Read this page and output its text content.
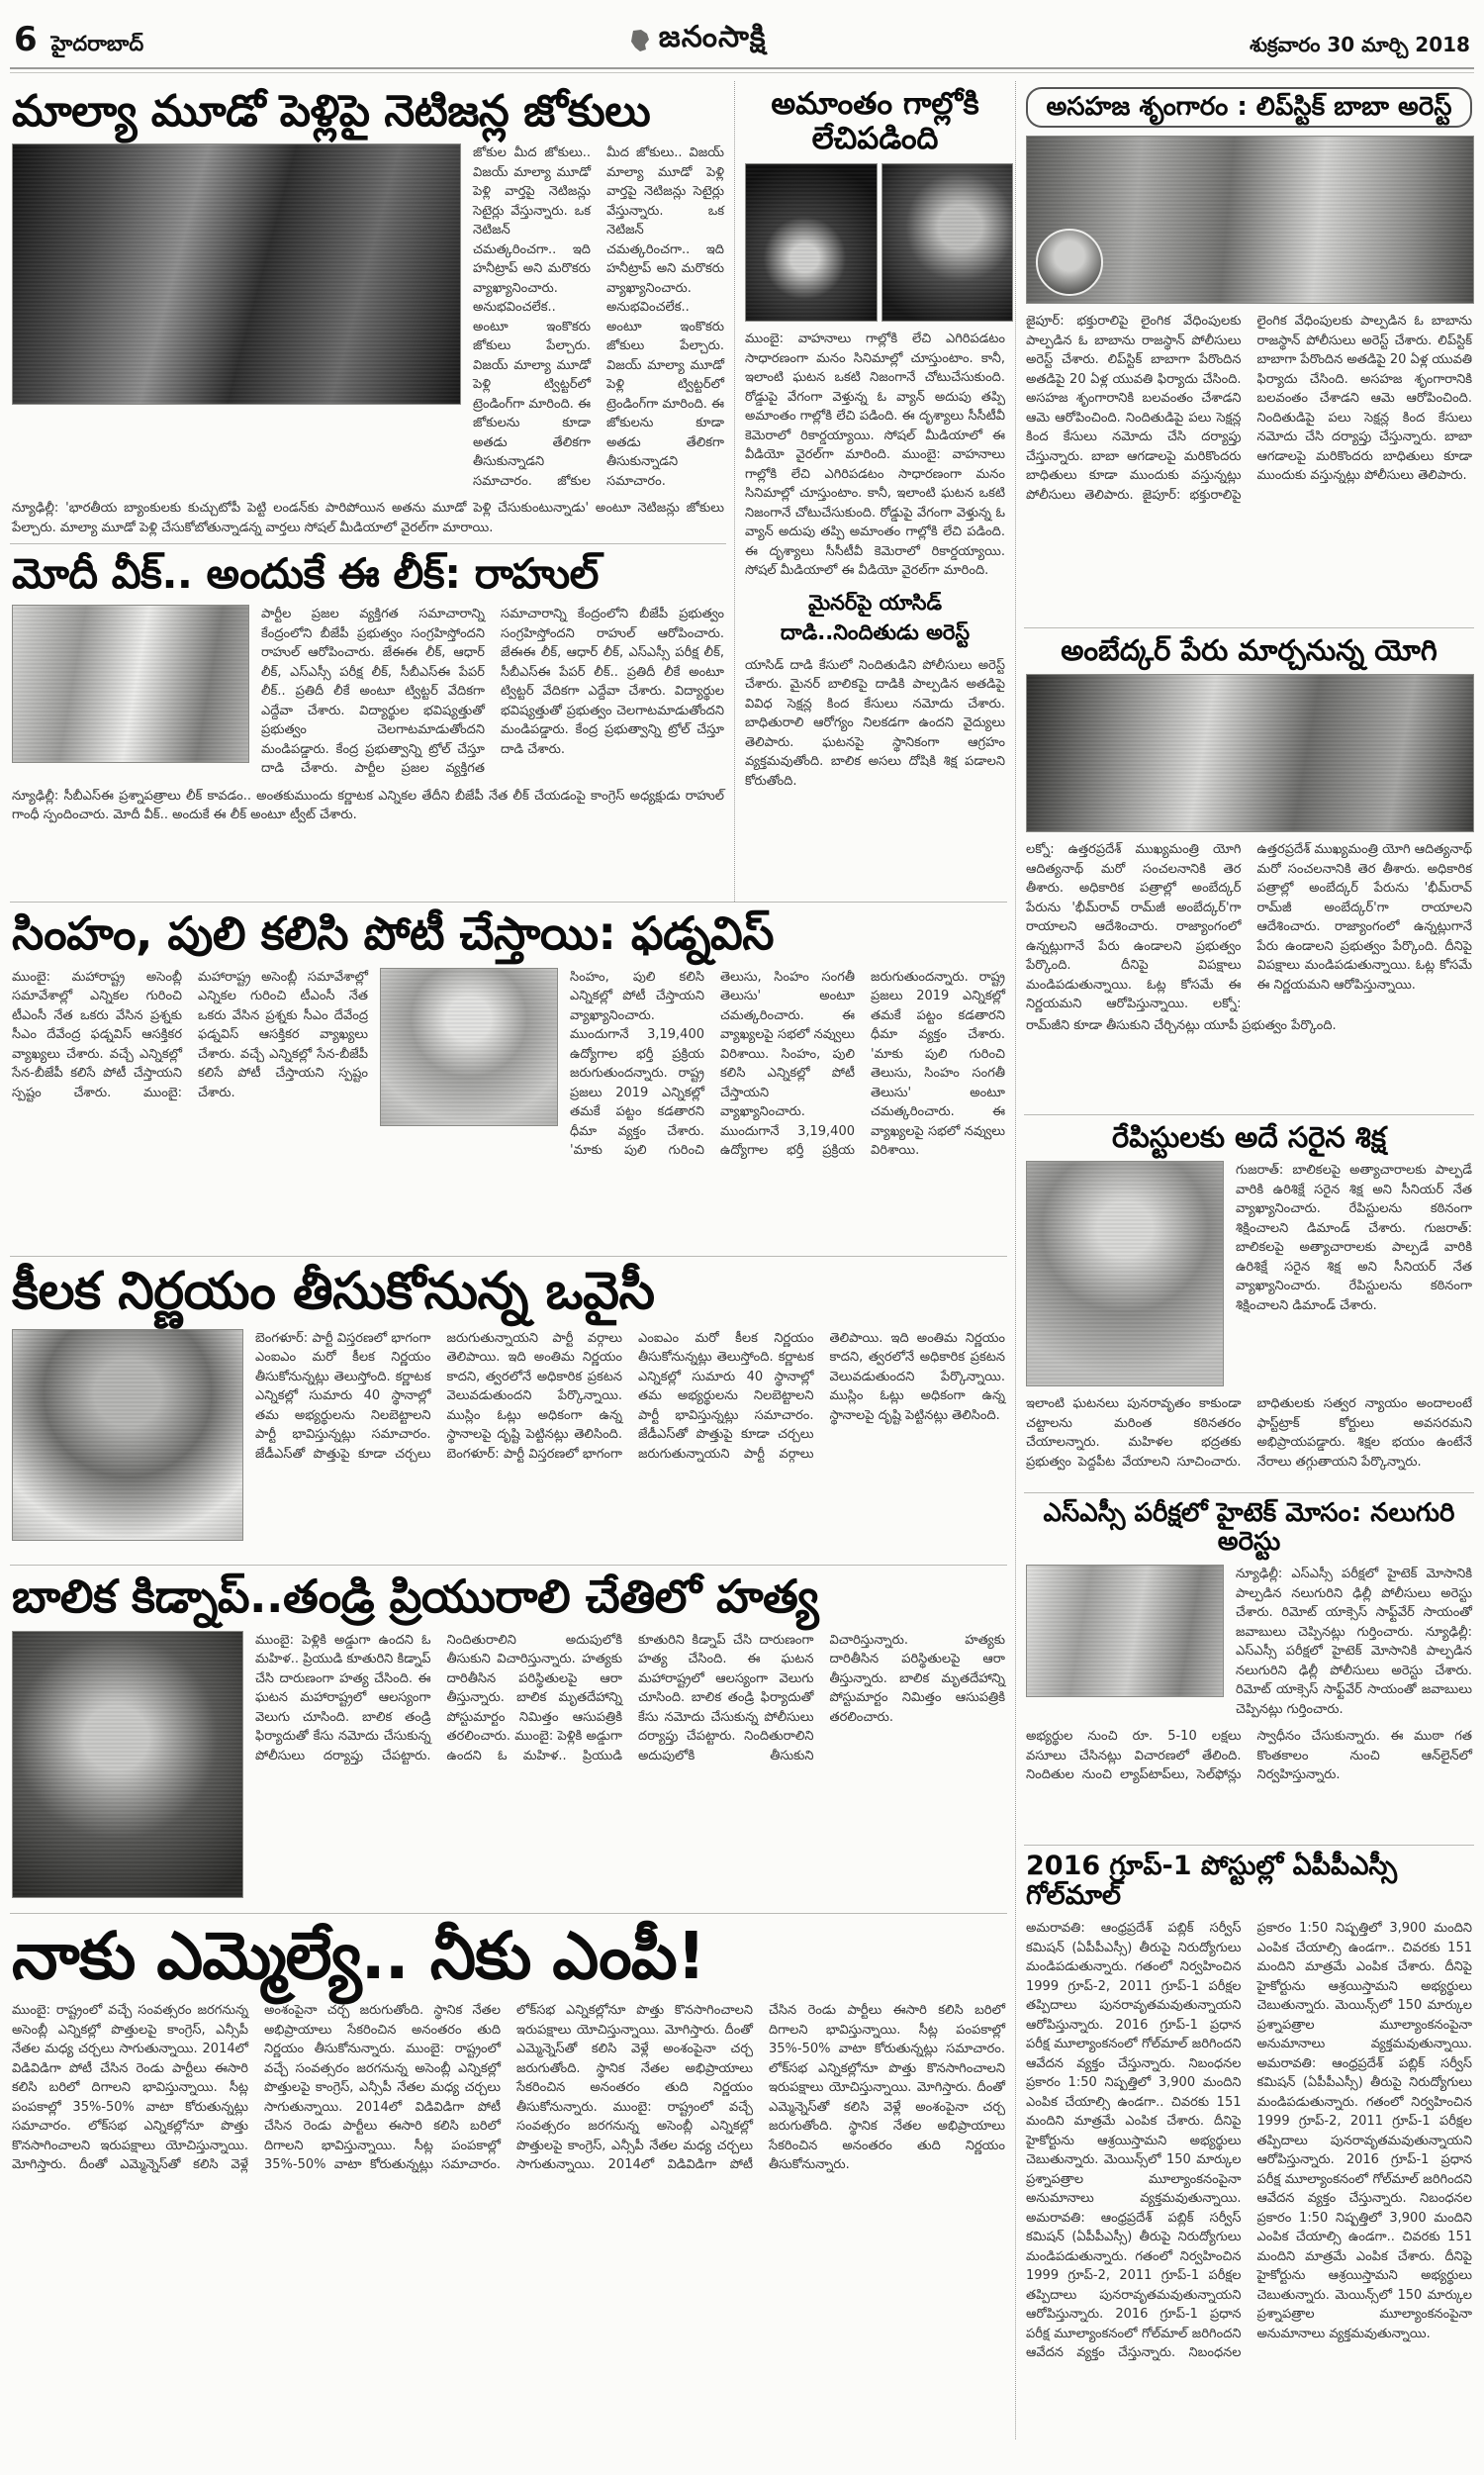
6 హైదరాబాద్	జనంసాక్షి	శుక్రవారం 30 మార్చి 2018
మాల్యా మూడో పెళ్లిపై నెటిజన్ల జోకులు
జోకుల మీద జోకులు.. విజయ్ మాల్యా మూడో పెళ్లి వార్తపై నెటిజన్లు సెటైర్లు వేస్తున్నారు. ఒక నెటిజన్ చమత్కరించగా.. ఇది హనీట్రాప్ అని మరొకరు వ్యాఖ్యానించారు. అనుభవించలేక.. అంటూ ఇంకొకరు జోకులు పేల్చారు. విజయ్ మాల్యా మూడో పెళ్లి ట్విట్టర్‌లో ట్రెండింగ్‌గా మారింది. ఈ జోకులను కూడా అతడు తేలికగా తీసుకున్నాడని సమాచారం. జోకుల మీద జోకులు.. విజయ్ మాల్యా మూడో పెళ్లి వార్తపై నెటిజన్లు సెటైర్లు వేస్తున్నారు. ఒక నెటిజన్ చమత్కరించగా.. ఇది హనీట్రాప్ అని మరొకరు వ్యాఖ్యానించారు. అనుభవించలేక.. అంటూ ఇంకొకరు జోకులు పేల్చారు. విజయ్ మాల్యా మూడో పెళ్లి ట్విట్టర్‌లో ట్రెండింగ్‌గా మారింది. ఈ జోకులను కూడా అతడు తేలికగా తీసుకున్నాడని సమాచారం.
న్యూఢిల్లీ: 'భారతీయ బ్యాంకులకు కుచ్చుటోపీ పెట్టి లండన్‌కు పారిపోయిన అతను మూడో పెళ్లి చేసుకుంటున్నాడు' అంటూ నెటిజన్లు జోకులు పేల్చారు. మాల్యా మూడో పెళ్లి చేసుకోబోతున్నాడన్న వార్తలు సోషల్ మీడియాలో వైరల్‌గా మారాయి.
మోదీ వీక్.. అందుకే ఈ లీక్: రాహుల్
పార్టీల ప్రజల వ్యక్తిగత సమాచారాన్ని కేంద్రంలోని బీజేపీ ప్రభుత్వం సంగ్రహిస్తోందని రాహుల్ ఆరోపించారు. జేఈఈ లీక్, ఆధార్ లీక్, ఎస్ఎస్సీ పరీక్ష లీక్, సీబీఎస్ఈ పేపర్ లీక్.. ప్రతిదీ లీకే అంటూ ట్విట్టర్ వేదికగా ఎద్దేవా చేశారు. విద్యార్థుల భవిష్యత్తుతో ప్రభుత్వం చెలగాటమాడుతోందని మండిపడ్డారు. కేంద్ర ప్రభుత్వాన్ని ట్రోల్ చేస్తూ దాడి చేశారు. పార్టీల ప్రజల వ్యక్తిగత సమాచారాన్ని కేంద్రంలోని బీజేపీ ప్రభుత్వం సంగ్రహిస్తోందని రాహుల్ ఆరోపించారు. జేఈఈ లీక్, ఆధార్ లీక్, ఎస్ఎస్సీ పరీక్ష లీక్, సీబీఎస్ఈ పేపర్ లీక్.. ప్రతిదీ లీకే అంటూ ట్విట్టర్ వేదికగా ఎద్దేవా చేశారు. విద్యార్థుల భవిష్యత్తుతో ప్రభుత్వం చెలగాటమాడుతోందని మండిపడ్డారు. కేంద్ర ప్రభుత్వాన్ని ట్రోల్ చేస్తూ దాడి చేశారు.
న్యూఢిల్లీ: సీబీఎస్ఈ ప్రశ్నాపత్రాలు లీక్ కావడం.. అంతకుముందు కర్ణాటక ఎన్నికల తేదీని బీజేపీ నేత లీక్ చేయడంపై కాంగ్రెస్ అధ్యక్షుడు రాహుల్ గాంధీ స్పందించారు. మోదీ వీక్.. అందుకే ఈ లీక్ అంటూ ట్వీట్ చేశారు.
అమాంతం గాల్లోకి లేచిపడింది
ముంబై: వాహనాలు గాల్లోకి లేచి ఎగిరిపడటం సాధారణంగా మనం సినిమాల్లో చూస్తుంటాం. కానీ, ఇలాంటి ఘటన ఒకటి నిజంగానే చోటుచేసుకుంది. రోడ్డుపై వేగంగా వెళ్తున్న ఓ వ్యాన్ అదుపు తప్పి అమాంతం గాల్లోకి లేచి పడింది. ఈ దృశ్యాలు సీసీటీవీ కెమెరాలో రికార్డయ్యాయి. సోషల్ మీడియాలో ఈ వీడియో వైరల్‌గా మారింది. ముంబై: వాహనాలు గాల్లోకి లేచి ఎగిరిపడటం సాధారణంగా మనం సినిమాల్లో చూస్తుంటాం. కానీ, ఇలాంటి ఘటన ఒకటి నిజంగానే చోటుచేసుకుంది. రోడ్డుపై వేగంగా వెళ్తున్న ఓ వ్యాన్ అదుపు తప్పి అమాంతం గాల్లోకి లేచి పడింది. ఈ దృశ్యాలు సీసీటీవీ కెమెరాలో రికార్డయ్యాయి. సోషల్ మీడియాలో ఈ వీడియో వైరల్‌గా మారింది.
మైనర్‌పై యాసిడ్ దాడి..నిందితుడు అరెస్ట్
యాసిడ్ దాడి కేసులో నిందితుడిని పోలీసులు అరెస్ట్ చేశారు. మైనర్ బాలికపై దాడికి పాల్పడిన అతడిపై వివిధ సెక్షన్ల కింద కేసులు నమోదు చేశారు. బాధితురాలి ఆరోగ్యం నిలకడగా ఉందని వైద్యులు తెలిపారు. ఘటనపై స్థానికంగా ఆగ్రహం వ్యక్తమవుతోంది. బాలిక అసలు దోషికి శిక్ష పడాలని కోరుతోంది.
సింహం, పులి కలిసి పోటీ చేస్తాయి: ఫడ్నవిస్
ముంబై: మహారాష్ట్ర అసెంబ్లీ సమావేశాల్లో ఎన్నికల గురించి టీఎంసీ నేత ఒకరు వేసిన ప్రశ్నకు సీఎం దేవేంద్ర ఫడ్నవిస్ ఆసక్తికర వ్యాఖ్యలు చేశారు. వచ్చే ఎన్నికల్లో సేన-బీజేపీ కలిసే పోటీ చేస్తాయని స్పష్టం చేశారు. ముంబై: మహారాష్ట్ర అసెంబ్లీ సమావేశాల్లో ఎన్నికల గురించి టీఎంసీ నేత ఒకరు వేసిన ప్రశ్నకు సీఎం దేవేంద్ర ఫడ్నవిస్ ఆసక్తికర వ్యాఖ్యలు చేశారు. వచ్చే ఎన్నికల్లో సేన-బీజేపీ కలిసే పోటీ చేస్తాయని స్పష్టం చేశారు.
సింహం, పులి కలిసి ఎన్నికల్లో పోటీ చేస్తాయని వ్యాఖ్యానించారు. ముందుగానే 3,19,400 ఉద్యోగాల భర్తీ ప్రక్రియ జరుగుతుందన్నారు. రాష్ట్ర ప్రజలు 2019 ఎన్నికల్లో తమకే పట్టం కడతారని ధీమా వ్యక్తం చేశారు. 'మాకు పులి గురించి తెలుసు, సింహం సంగతీ తెలుసు' అంటూ చమత్కరించారు. ఈ వ్యాఖ్యలపై సభలో నవ్వులు విరిశాయి. సింహం, పులి కలిసి ఎన్నికల్లో పోటీ చేస్తాయని వ్యాఖ్యానించారు. ముందుగానే 3,19,400 ఉద్యోగాల భర్తీ ప్రక్రియ జరుగుతుందన్నారు. రాష్ట్ర ప్రజలు 2019 ఎన్నికల్లో తమకే పట్టం కడతారని ధీమా వ్యక్తం చేశారు. 'మాకు పులి గురించి తెలుసు, సింహం సంగతీ తెలుసు' అంటూ చమత్కరించారు. ఈ వ్యాఖ్యలపై సభలో నవ్వులు విరిశాయి.
కీలక నిర్ణయం తీసుకోనున్న ఒవైసీ
బెంగళూర్: పార్టీ విస్తరణలో భాగంగా ఎంఐఎం మరో కీలక నిర్ణయం తీసుకోనున్నట్లు తెలుస్తోంది. కర్ణాటక ఎన్నికల్లో సుమారు 40 స్థానాల్లో తమ అభ్యర్థులను నిలబెట్టాలని పార్టీ భావిస్తున్నట్లు సమాచారం. జేడీఎస్‌తో పొత్తుపై కూడా చర్చలు జరుగుతున్నాయని పార్టీ వర్గాలు తెలిపాయి. ఇది అంతిమ నిర్ణయం కాదని, త్వరలోనే అధికారిక ప్రకటన వెలువడుతుందని పేర్కొన్నాయి. ముస్లిం ఓట్లు అధికంగా ఉన్న స్థానాలపై దృష్టి పెట్టినట్లు తెలిసింది. బెంగళూర్: పార్టీ విస్తరణలో భాగంగా ఎంఐఎం మరో కీలక నిర్ణయం తీసుకోనున్నట్లు తెలుస్తోంది. కర్ణాటక ఎన్నికల్లో సుమారు 40 స్థానాల్లో తమ అభ్యర్థులను నిలబెట్టాలని పార్టీ భావిస్తున్నట్లు సమాచారం. జేడీఎస్‌తో పొత్తుపై కూడా చర్చలు జరుగుతున్నాయని పార్టీ వర్గాలు తెలిపాయి. ఇది అంతిమ నిర్ణయం కాదని, త్వరలోనే అధికారిక ప్రకటన వెలువడుతుందని పేర్కొన్నాయి. ముస్లిం ఓట్లు అధికంగా ఉన్న స్థానాలపై దృష్టి పెట్టినట్లు తెలిసింది.
బాలిక కిడ్నాప్..తండ్రి ప్రియురాలి చేతిలో హత్య
ముంబై: పెళ్లికి అడ్డుగా ఉందని ఓ మహిళ.. ప్రియుడి కూతురిని కిడ్నాప్ చేసి దారుణంగా హత్య చేసింది. ఈ ఘటన మహారాష్ట్రలో ఆలస్యంగా వెలుగు చూసింది. బాలిక తండ్రి ఫిర్యాదుతో కేసు నమోదు చేసుకున్న పోలీసులు దర్యాప్తు చేపట్టారు. నిందితురాలిని అదుపులోకి తీసుకుని విచారిస్తున్నారు. హత్యకు దారితీసిన పరిస్థితులపై ఆరా తీస్తున్నారు. బాలిక మృతదేహాన్ని పోస్టుమార్టం నిమిత్తం ఆసుపత్రికి తరలించారు. ముంబై: పెళ్లికి అడ్డుగా ఉందని ఓ మహిళ.. ప్రియుడి కూతురిని కిడ్నాప్ చేసి దారుణంగా హత్య చేసింది. ఈ ఘటన మహారాష్ట్రలో ఆలస్యంగా వెలుగు చూసింది. బాలిక తండ్రి ఫిర్యాదుతో కేసు నమోదు చేసుకున్న పోలీసులు దర్యాప్తు చేపట్టారు. నిందితురాలిని అదుపులోకి తీసుకుని విచారిస్తున్నారు. హత్యకు దారితీసిన పరిస్థితులపై ఆరా తీస్తున్నారు. బాలిక మృతదేహాన్ని పోస్టుమార్టం నిమిత్తం ఆసుపత్రికి తరలించారు.
నాకు ఎమ్మెల్యే.. నీకు ఎంపీ!
ముంబై: రాష్ట్రంలో వచ్చే సంవత్సరం జరగనున్న అసెంబ్లీ ఎన్నికల్లో పొత్తులపై కాంగ్రెస్, ఎన్సీపీ నేతల మధ్య చర్చలు సాగుతున్నాయి. 2014లో విడివిడిగా పోటీ చేసిన రెండు పార్టీలు ఈసారి కలిసి బరిలో దిగాలని భావిస్తున్నాయి. సీట్ల పంపకాల్లో 35%-50% వాటా కోరుతున్నట్లు సమాచారం. లోక్‌సభ ఎన్నికల్లోనూ పొత్తు కొనసాగించాలని ఇరుపక్షాలు యోచిస్తున్నాయి. మోగిస్తారు. దీంతో ఎమ్మెన్నెస్‌తో కలిసి వెళ్లే అంశంపైనా చర్చ జరుగుతోంది. స్థానిక నేతల అభిప్రాయాలు సేకరించిన అనంతరం తుది నిర్ణయం తీసుకోనున్నారు. ముంబై: రాష్ట్రంలో వచ్చే సంవత్సరం జరగనున్న అసెంబ్లీ ఎన్నికల్లో పొత్తులపై కాంగ్రెస్, ఎన్సీపీ నేతల మధ్య చర్చలు సాగుతున్నాయి. 2014లో విడివిడిగా పోటీ చేసిన రెండు పార్టీలు ఈసారి కలిసి బరిలో దిగాలని భావిస్తున్నాయి. సీట్ల పంపకాల్లో 35%-50% వాటా కోరుతున్నట్లు సమాచారం. లోక్‌సభ ఎన్నికల్లోనూ పొత్తు కొనసాగించాలని ఇరుపక్షాలు యోచిస్తున్నాయి. మోగిస్తారు. దీంతో ఎమ్మెన్నెస్‌తో కలిసి వెళ్లే అంశంపైనా చర్చ జరుగుతోంది. స్థానిక నేతల అభిప్రాయాలు సేకరించిన అనంతరం తుది నిర్ణయం తీసుకోనున్నారు. ముంబై: రాష్ట్రంలో వచ్చే సంవత్సరం జరగనున్న అసెంబ్లీ ఎన్నికల్లో పొత్తులపై కాంగ్రెస్, ఎన్సీపీ నేతల మధ్య చర్చలు సాగుతున్నాయి. 2014లో విడివిడిగా పోటీ చేసిన రెండు పార్టీలు ఈసారి కలిసి బరిలో దిగాలని భావిస్తున్నాయి. సీట్ల పంపకాల్లో 35%-50% వాటా కోరుతున్నట్లు సమాచారం. లోక్‌సభ ఎన్నికల్లోనూ పొత్తు కొనసాగించాలని ఇరుపక్షాలు యోచిస్తున్నాయి. మోగిస్తారు. దీంతో ఎమ్మెన్నెస్‌తో కలిసి వెళ్లే అంశంపైనా చర్చ జరుగుతోంది. స్థానిక నేతల అభిప్రాయాలు సేకరించిన అనంతరం తుది నిర్ణయం తీసుకోనున్నారు.
అసహజ శృంగారం : లిప్‌స్టిక్ బాబా అరెస్ట్
జైపూర్: భక్తురాలిపై లైంగిక వేధింపులకు పాల్పడిన ఓ బాబాను రాజస్థాన్ పోలీసులు అరెస్ట్ చేశారు. లిప్‌స్టిక్ బాబాగా పేరొందిన అతడిపై 20 ఏళ్ల యువతి ఫిర్యాదు చేసింది. అసహజ శృంగారానికి బలవంతం చేశాడని ఆమె ఆరోపించింది. నిందితుడిపై పలు సెక్షన్ల కింద కేసులు నమోదు చేసి దర్యాప్తు చేస్తున్నారు. బాబా ఆగడాలపై మరికొందరు బాధితులు కూడా ముందుకు వస్తున్నట్లు పోలీసులు తెలిపారు. జైపూర్: భక్తురాలిపై లైంగిక వేధింపులకు పాల్పడిన ఓ బాబాను రాజస్థాన్ పోలీసులు అరెస్ట్ చేశారు. లిప్‌స్టిక్ బాబాగా పేరొందిన అతడిపై 20 ఏళ్ల యువతి ఫిర్యాదు చేసింది. అసహజ శృంగారానికి బలవంతం చేశాడని ఆమె ఆరోపించింది. నిందితుడిపై పలు సెక్షన్ల కింద కేసులు నమోదు చేసి దర్యాప్తు చేస్తున్నారు. బాబా ఆగడాలపై మరికొందరు బాధితులు కూడా ముందుకు వస్తున్నట్లు పోలీసులు తెలిపారు.
అంబేద్కర్ పేరు మార్చనున్న యోగి
లక్నో: ఉత్తరప్రదేశ్ ముఖ్యమంత్రి యోగి ఆదిత్యనాథ్ మరో సంచలనానికి తెర తీశారు. అధికారిక పత్రాల్లో అంబేద్కర్ పేరును 'భీమ్‌రావ్ రామ్‌జీ అంబేద్కర్'గా రాయాలని ఆదేశించారు. రాజ్యాంగంలో ఉన్నట్లుగానే పేరు ఉండాలని ప్రభుత్వం పేర్కొంది. దీనిపై విపక్షాలు మండిపడుతున్నాయి. ఓట్ల కోసమే ఈ నిర్ణయమని ఆరోపిస్తున్నాయి. లక్నో: ఉత్తరప్రదేశ్ ముఖ్యమంత్రి యోగి ఆదిత్యనాథ్ మరో సంచలనానికి తెర తీశారు. అధికారిక పత్రాల్లో అంబేద్కర్ పేరును 'భీమ్‌రావ్ రామ్‌జీ అంబేద్కర్'గా రాయాలని ఆదేశించారు. రాజ్యాంగంలో ఉన్నట్లుగానే పేరు ఉండాలని ప్రభుత్వం పేర్కొంది. దీనిపై విపక్షాలు మండిపడుతున్నాయి. ఓట్ల కోసమే ఈ నిర్ణయమని ఆరోపిస్తున్నాయి.
రామ్‌జీని కూడా తీసుకుని చేర్చినట్లు యూపీ ప్రభుత్వం పేర్కొంది.
రేపిస్టులకు అదే సరైన శిక్ష
గుజరాత్: బాలికలపై అత్యాచారాలకు పాల్పడే వారికి ఉరిశిక్షే సరైన శిక్ష అని సీనియర్ నేత వ్యాఖ్యానించారు. రేపిస్టులను కఠినంగా శిక్షించాలని డిమాండ్ చేశారు. గుజరాత్: బాలికలపై అత్యాచారాలకు పాల్పడే వారికి ఉరిశిక్షే సరైన శిక్ష అని సీనియర్ నేత వ్యాఖ్యానించారు. రేపిస్టులను కఠినంగా శిక్షించాలని డిమాండ్ చేశారు.
ఇలాంటి ఘటనలు పునరావృతం కాకుండా చట్టాలను మరింత కఠినతరం చేయాలన్నారు. మహిళల భద్రతకు ప్రభుత్వం పెద్దపీట వేయాలని సూచించారు. బాధితులకు సత్వర న్యాయం అందాలంటే ఫాస్ట్‌ట్రాక్ కోర్టులు అవసరమని అభిప్రాయపడ్డారు. శిక్షల భయం ఉంటేనే నేరాలు తగ్గుతాయని పేర్కొన్నారు.
ఎస్ఎస్సీ పరీక్షలో హైటెక్ మోసం: నలుగురి అరెస్టు
న్యూఢిల్లీ: ఎస్ఎస్సీ పరీక్షలో హైటెక్ మోసానికి పాల్పడిన నలుగురిని ఢిల్లీ పోలీసులు అరెస్టు చేశారు. రిమోట్ యాక్సెస్ సాఫ్ట్‌వేర్ సాయంతో జవాబులు చెప్పినట్లు గుర్తించారు. న్యూఢిల్లీ: ఎస్ఎస్సీ పరీక్షలో హైటెక్ మోసానికి పాల్పడిన నలుగురిని ఢిల్లీ పోలీసులు అరెస్టు చేశారు. రిమోట్ యాక్సెస్ సాఫ్ట్‌వేర్ సాయంతో జవాబులు చెప్పినట్లు గుర్తించారు.
అభ్యర్థుల నుంచి రూ. 5-10 లక్షలు వసూలు చేసినట్లు విచారణలో తేలింది. నిందితుల నుంచి ల్యాప్‌టాప్‌లు, సెల్‌ఫోన్లు స్వాధీనం చేసుకున్నారు. ఈ ముఠా గత కొంతకాలం నుంచి ఆన్‌లైన్‌లో నిర్వహిస్తున్నారు.
2016 గ్రూప్-1 పోస్టుల్లో ఏపీపీఎస్సీ గోల్‌మాల్
అమరావతి: ఆంధ్రప్రదేశ్ పబ్లిక్ సర్వీస్ కమిషన్ (ఏపీపీఎస్సీ) తీరుపై నిరుద్యోగులు మండిపడుతున్నారు. గతంలో నిర్వహించిన 1999 గ్రూప్-2, 2011 గ్రూప్-1 పరీక్షల తప్పిదాలు పునరావృతమవుతున్నాయని ఆరోపిస్తున్నారు. 2016 గ్రూప్-1 ప్రధాన పరీక్ష మూల్యాంకనంలో గోల్‌మాల్ జరిగిందని ఆవేదన వ్యక్తం చేస్తున్నారు. నిబంధనల ప్రకారం 1:50 నిష్పత్తిలో 3,900 మందిని ఎంపిక చేయాల్సి ఉండగా.. చివరకు 151 మందిని మాత్రమే ఎంపిక చేశారు. దీనిపై హైకోర్టును ఆశ్రయిస్తామని అభ్యర్థులు చెబుతున్నారు. మెయిన్స్‌లో 150 మార్కుల ప్రశ్నాపత్రాల మూల్యాంకనంపైనా అనుమానాలు వ్యక్తమవుతున్నాయి. అమరావతి: ఆంధ్రప్రదేశ్ పబ్లిక్ సర్వీస్ కమిషన్ (ఏపీపీఎస్సీ) తీరుపై నిరుద్యోగులు మండిపడుతున్నారు. గతంలో నిర్వహించిన 1999 గ్రూప్-2, 2011 గ్రూప్-1 పరీక్షల తప్పిదాలు పునరావృతమవుతున్నాయని ఆరోపిస్తున్నారు. 2016 గ్రూప్-1 ప్రధాన పరీక్ష మూల్యాంకనంలో గోల్‌మాల్ జరిగిందని ఆవేదన వ్యక్తం చేస్తున్నారు. నిబంధనల ప్రకారం 1:50 నిష్పత్తిలో 3,900 మందిని ఎంపిక చేయాల్సి ఉండగా.. చివరకు 151 మందిని మాత్రమే ఎంపిక చేశారు. దీనిపై హైకోర్టును ఆశ్రయిస్తామని అభ్యర్థులు చెబుతున్నారు. మెయిన్స్‌లో 150 మార్కుల ప్రశ్నాపత్రాల మూల్యాంకనంపైనా అనుమానాలు వ్యక్తమవుతున్నాయి. అమరావతి: ఆంధ్రప్రదేశ్ పబ్లిక్ సర్వీస్ కమిషన్ (ఏపీపీఎస్సీ) తీరుపై నిరుద్యోగులు మండిపడుతున్నారు. గతంలో నిర్వహించిన 1999 గ్రూప్-2, 2011 గ్రూప్-1 పరీక్షల తప్పిదాలు పునరావృతమవుతున్నాయని ఆరోపిస్తున్నారు. 2016 గ్రూప్-1 ప్రధాన పరీక్ష మూల్యాంకనంలో గోల్‌మాల్ జరిగిందని ఆవేదన వ్యక్తం చేస్తున్నారు. నిబంధనల ప్రకారం 1:50 నిష్పత్తిలో 3,900 మందిని ఎంపిక చేయాల్సి ఉండగా.. చివరకు 151 మందిని మాత్రమే ఎంపిక చేశారు. దీనిపై హైకోర్టును ఆశ్రయిస్తామని అభ్యర్థులు చెబుతున్నారు. మెయిన్స్‌లో 150 మార్కుల ప్రశ్నాపత్రాల మూల్యాంకనంపైనా అనుమానాలు వ్యక్తమవుతున్నాయి.
